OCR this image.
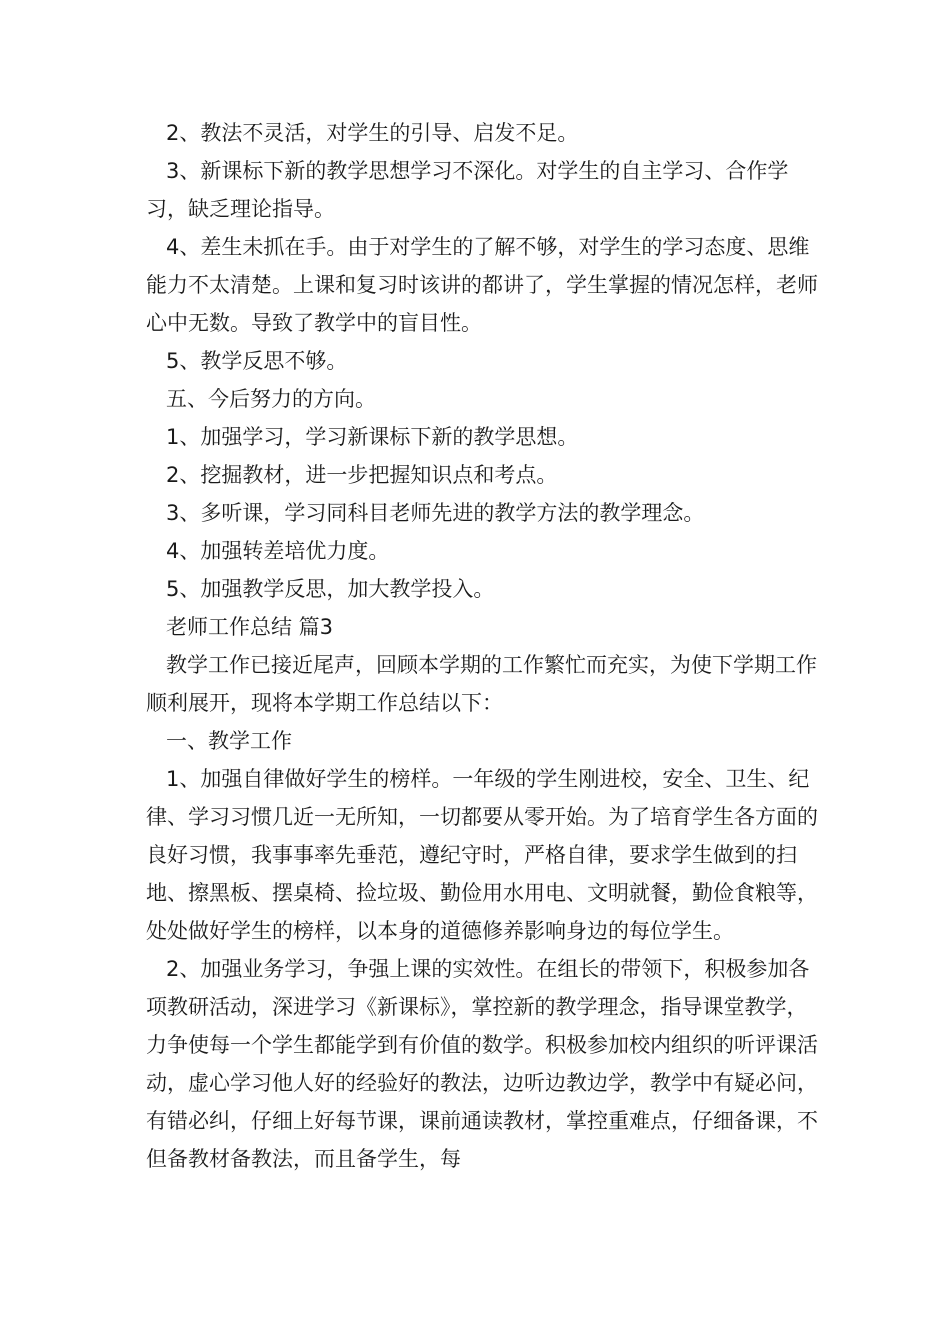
2、教法不灵活，对学生的引导、启发不足。

3、新课标下新的教学思想学习不深化。对学生的自主学习、合作学习，缺乏理论指导。

4、差生未抓在手。由于对学生的了解不够，对学生的学习态度、思维能力不太清楚。上课和复习时该讲的都讲了，学生掌握的情况怎样，老师心中无数。导致了教学中的盲目性。

5、教学反思不够。

五、今后努力的方向。

1、加强学习，学习新课标下新的教学思想。

2、挖掘教材，进一步把握知识点和考点。

3、多听课，学习同科目老师先进的教学方法的教学理念。

4、加强转差培优力度。

5、加强教学反思，加大教学投入。

老师工作总结 篇3

教学工作已接近尾声，回顾本学期的工作繁忙而充实，为使下学期工作顺利展开，现将本学期工作总结以下：

一、教学工作

1、加强自律做好学生的榜样。一年级的学生刚进校，安全、卫生、纪律、学习习惯几近一无所知，一切都要从零开始。为了培育学生各方面的良好习惯，我事事率先垂范，遵纪守时，严格自律，要求学生做到的扫地、擦黑板、摆桌椅、捡垃圾、勤俭用水用电、文明就餐，勤俭食粮等，处处做好学生的榜样，以本身的道德修养影响身边的每位学生。

2、加强业务学习，争强上课的实效性。在组长的带领下，积极参加各项教研活动，深进学习《新课标》，掌控新的教学理念，指导课堂教学，力争使每一个学生都能学到有价值的数学。积极参加校内组织的听评课活动，虚心学习他人好的经验好的教法，边听边教边学，教学中有疑必问，有错必纠，仔细上好每节课，课前通读教材，掌控重难点，仔细备课，不但备教材备教法，而且备学生，每
